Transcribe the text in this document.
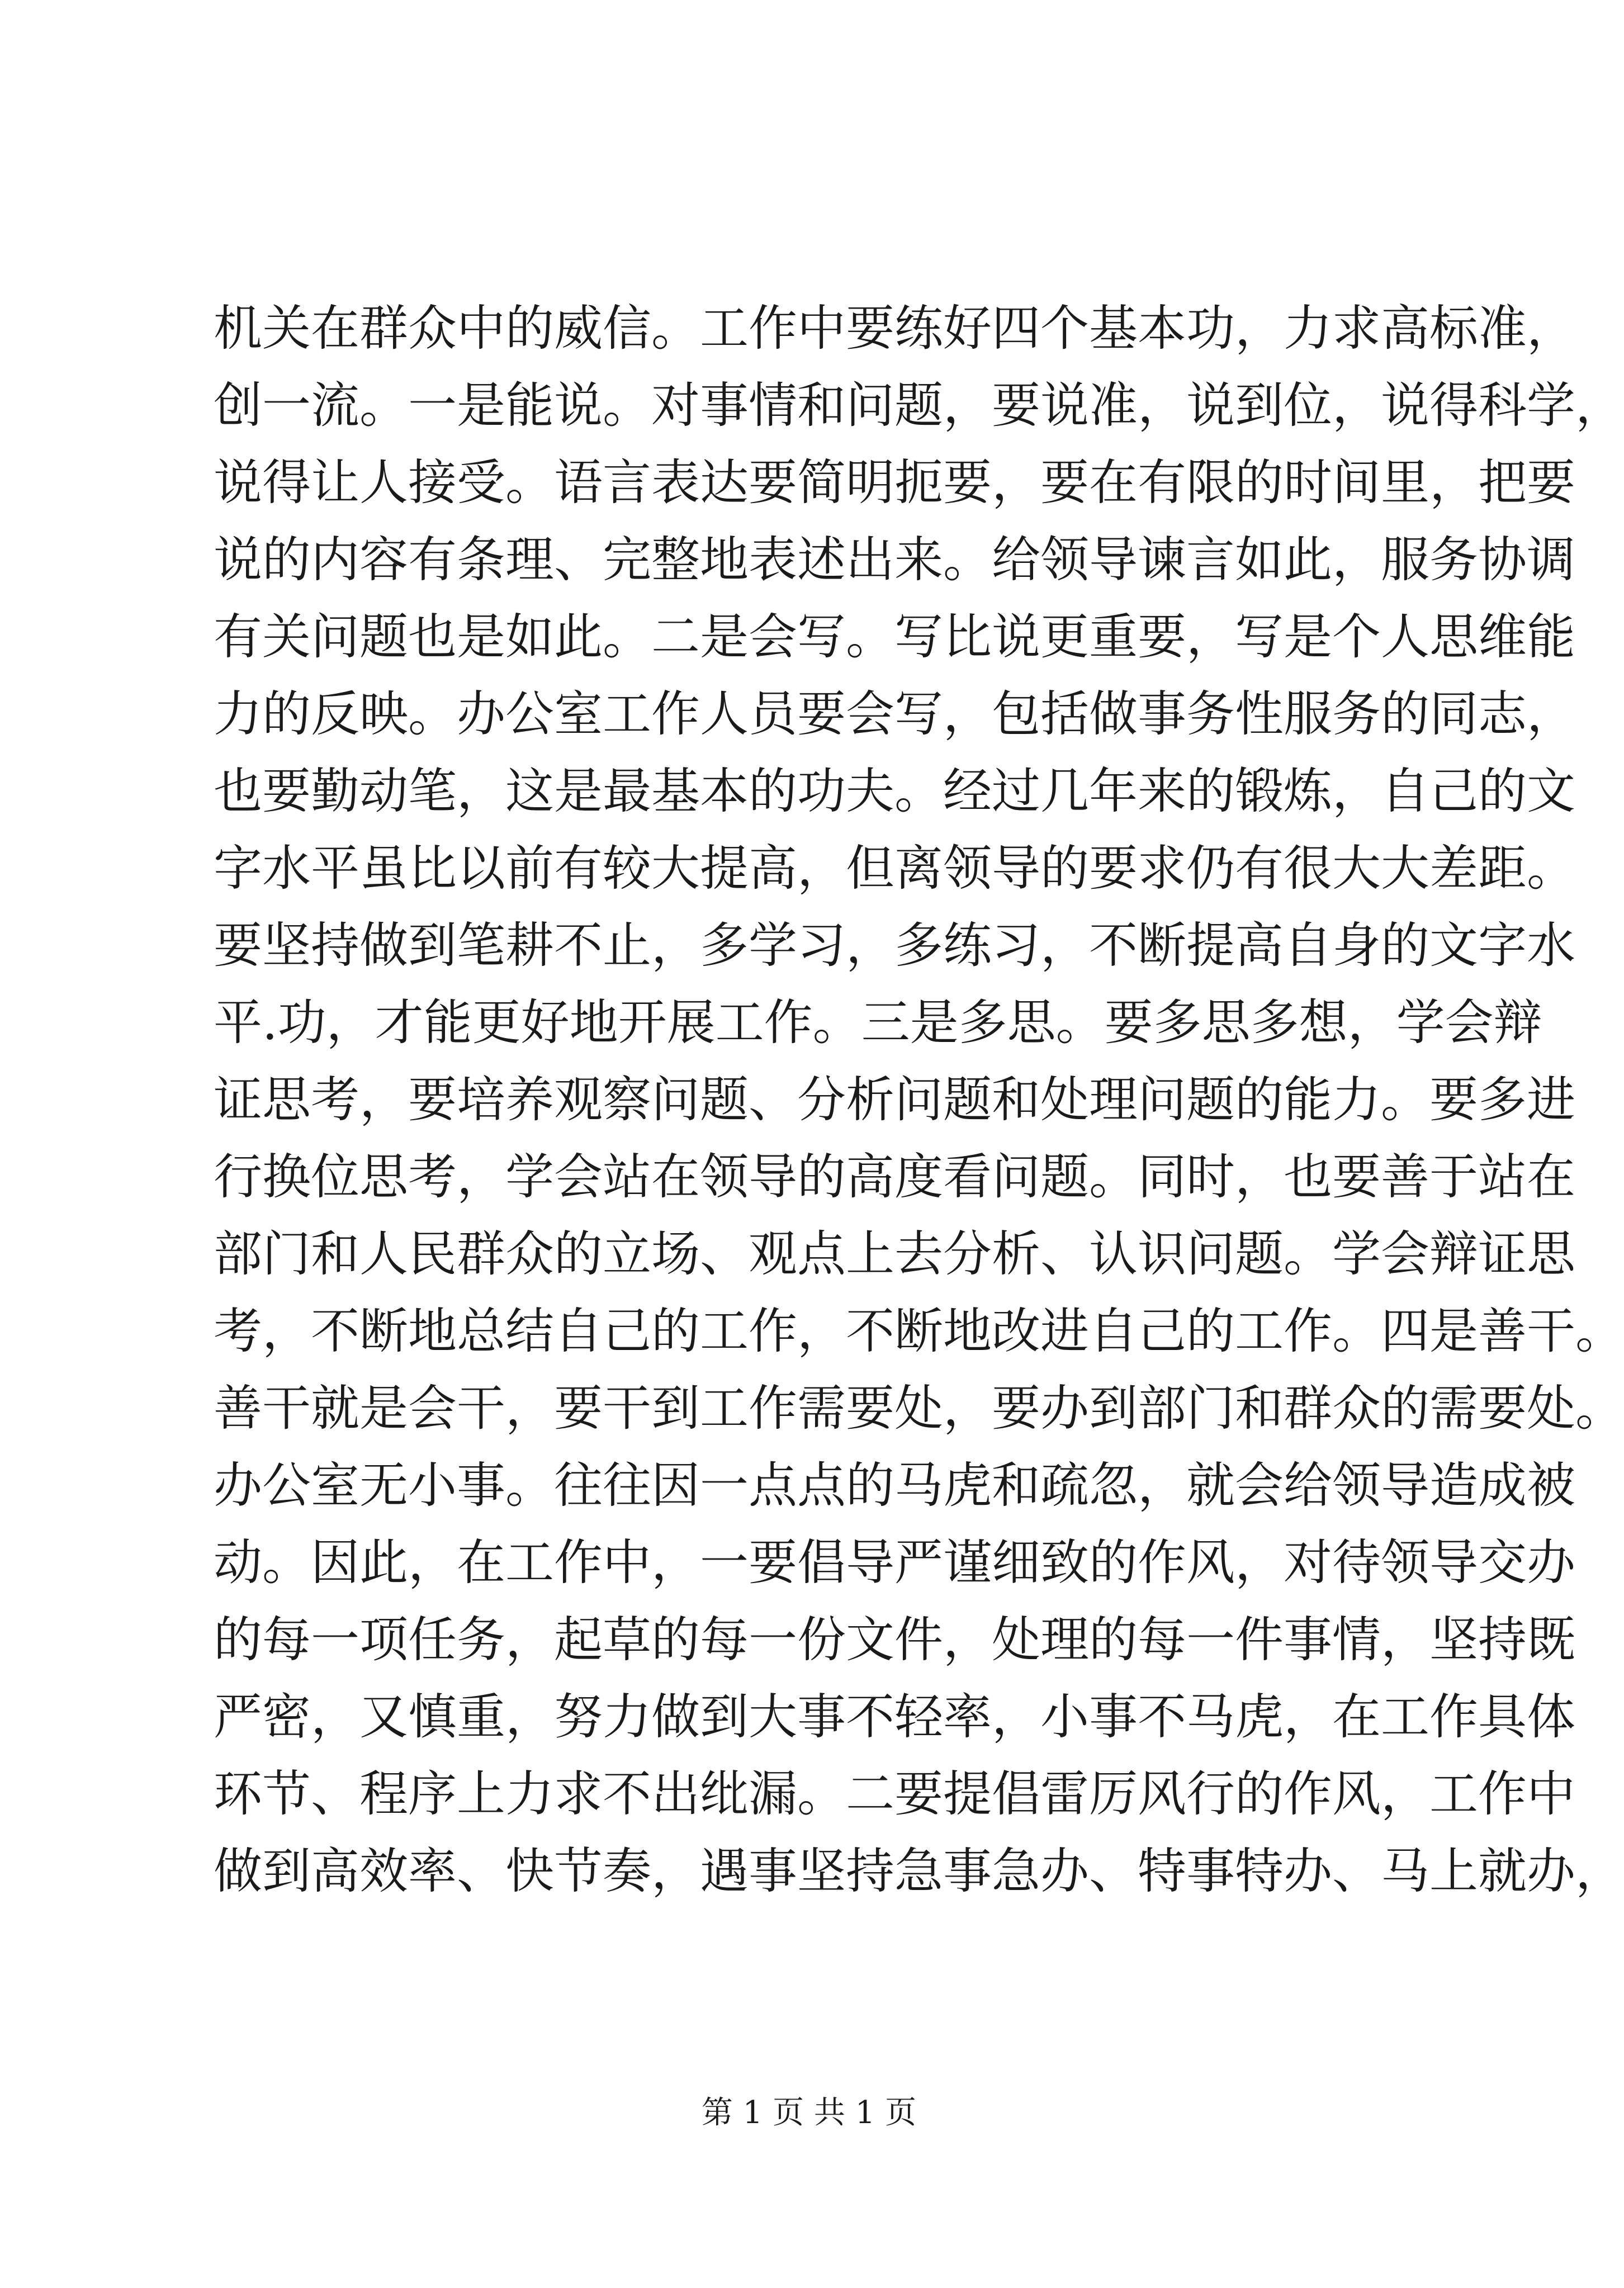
机关在群众中的威信。工作中要练好四个基本功，力求高标准，
创一流。一是能说。对事情和问题，要说准，说到位，说得科学，
说得让人接受。语言表达要简明扼要，要在有限的时间里，把要
说的内容有条理、完整地表述出来。给领导谏言如此，服务协调
有关问题也是如此。二是会写。写比说更重要，写是个人思维能
力的反映。办公室工作人员要会写，包括做事务性服务的同志，
也要勤动笔，这是最基本的功夫。经过几年来的锻炼，自己的文
字水平虽比以前有较大提高，但离领导的要求仍有很大大差距。
要坚持做到笔耕不止，多学习，多练习，不断提高自身的文字水
平.功，才能更好地开展工作。三是多思。要多思多想，学会辩
证思考，要培养观察问题、分析问题和处理问题的能力。要多进
行换位思考，学会站在领导的高度看问题。同时，也要善于站在
部门和人民群众的立场、观点上去分析、认识问题。学会辩证思
考，不断地总结自己的工作，不断地改进自己的工作。四是善干。
善干就是会干，要干到工作需要处，要办到部门和群众的需要处。
办公室无小事。往往因一点点的马虎和疏忽，就会给领导造成被
动。因此，在工作中，一要倡导严谨细致的作风，对待领导交办
的每一项任务，起草的每一份文件，处理的每一件事情，坚持既
严密，又慎重，努力做到大事不轻率，小事不马虎，在工作具体
环节、程序上力求不出纰漏。二要提倡雷厉风行的作风，工作中
做到高效率、快节奏，遇事坚持急事急办、特事特办、马上就办，
第 1 页 共 1 页
